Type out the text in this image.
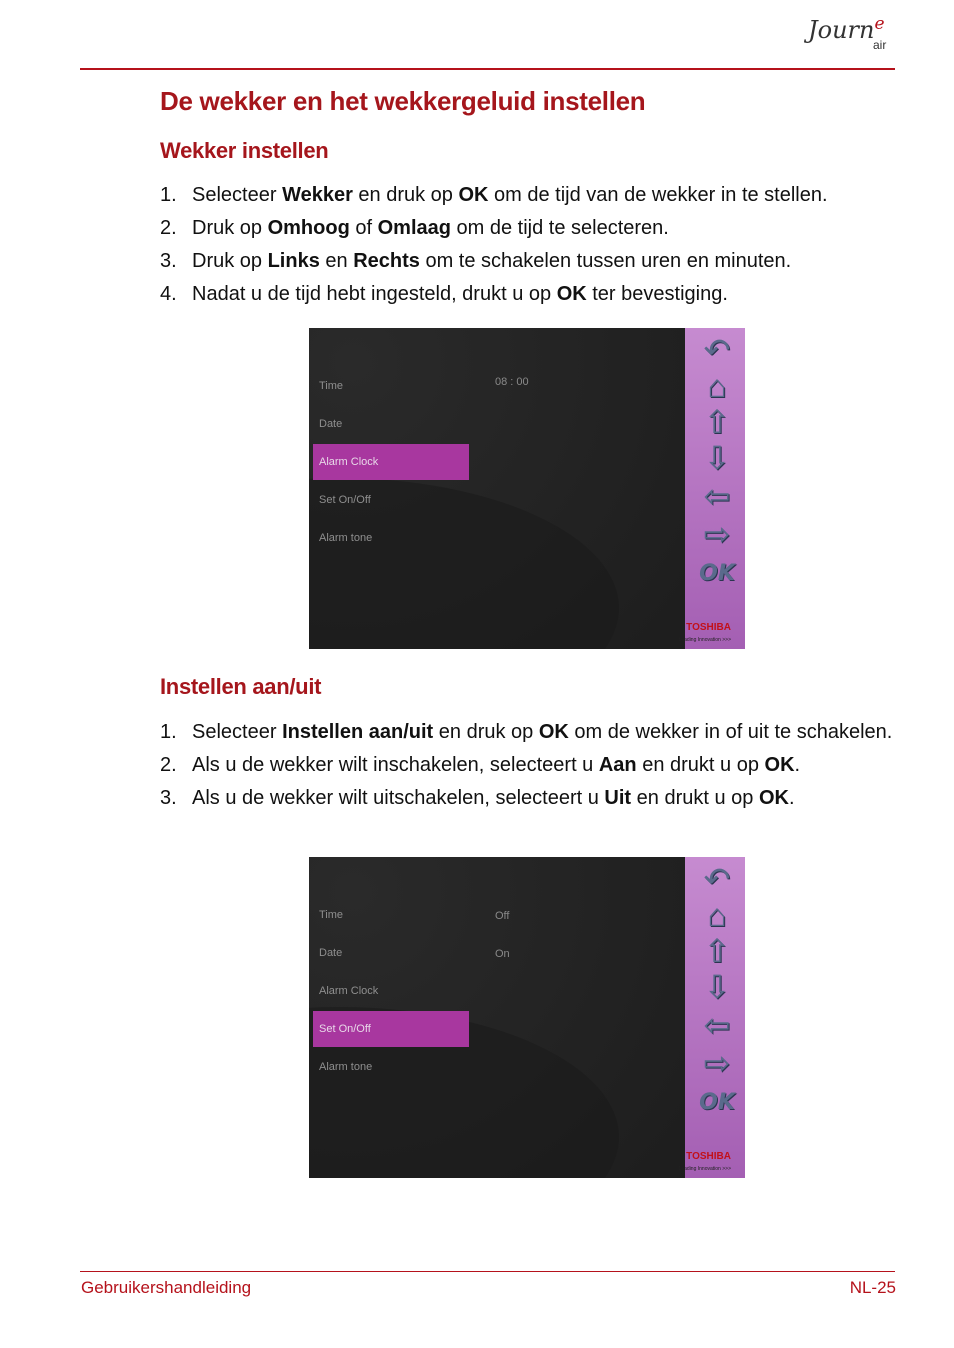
Journ$^e$
air
De wekker en het wekkergeluid instellen
Wekker instellen
1. Selecteer Wekker en druk op OK om de tijd van de wekker in te stellen.
2. Druk op Omhoog of Omlaag om de tijd te selecteren.
3. Druk op Links en Rechts om te schakelen tussen uren en minuten.
4. Nadat u de tijd hebt ingesteld, drukt u op OK ter bevestiging.
08 : 00
Time
Date
Alarm Clock
Set On/Off
Alarm tone
↶
⌂
⇧
⇩
⇦
⇨
OK
TOSHIBA
Leading Innovation >>>
Instellen aan/uit
1. Selecteer Instellen aan/uit en druk op OK om de wekker in of uit te schakelen.
2. Als u de wekker wilt inschakelen, selecteert u Aan en drukt u op OK.
3. Als u de wekker wilt uitschakelen, selecteert u Uit en drukt u op OK.
Off
On
Time
Date
Alarm Clock
Set On/Off
Alarm tone
↶
⌂
⇧
⇩
⇦
⇨
OK
TOSHIBA
Leading Innovation >>>
Gebruikershandleiding	NL-25
